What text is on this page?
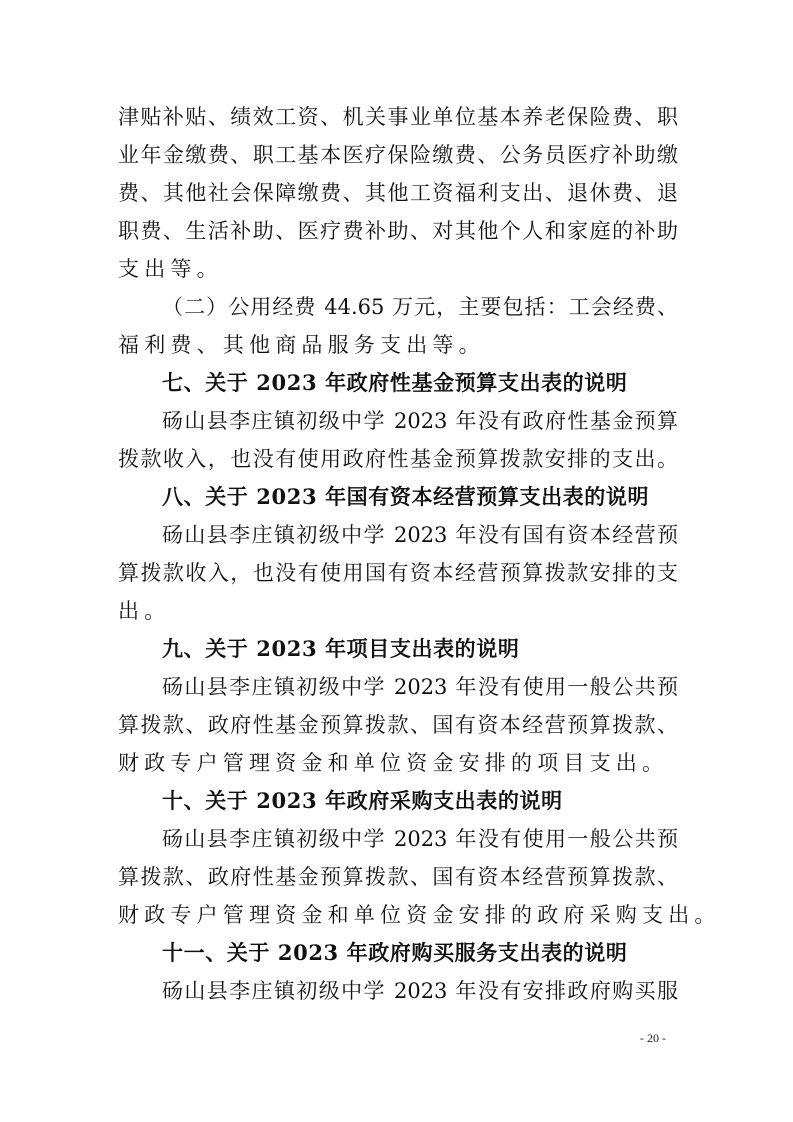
津贴补贴、绩效工资、机关事业单位基本养老保险费、职
业年金缴费、职工基本医疗保险缴费、公务员医疗补助缴
费、其他社会保障缴费、其他工资福利支出、退休费、退
职费、生活补助、医疗费补助、对其他个人和家庭的补助
支出等。
（二）公用经费 44.65 万元，主要包括：工会经费、
福利费、其他商品服务支出等。
七、关于 2023 年政府性基金预算支出表的说明
砀山县李庄镇初级中学 2023 年没有政府性基金预算
拨款收入，也没有使用政府性基金预算拨款安排的支出。
八、关于 2023 年国有资本经营预算支出表的说明
砀山县李庄镇初级中学 2023 年没有国有资本经营预
算拨款收入，也没有使用国有资本经营预算拨款安排的支
出。
九、关于 2023 年项目支出表的说明
砀山县李庄镇初级中学 2023 年没有使用一般公共预
算拨款、政府性基金预算拨款、国有资本经营预算拨款、
财政专户管理资金和单位资金安排的项目支出。
十、关于 2023 年政府采购支出表的说明
砀山县李庄镇初级中学 2023 年没有使用一般公共预
算拨款、政府性基金预算拨款、国有资本经营预算拨款、
财政专户管理资金和单位资金安排的政府采购支出。
十一、关于 2023 年政府购买服务支出表的说明
砀山县李庄镇初级中学 2023 年没有安排政府购买服
- 20 -
